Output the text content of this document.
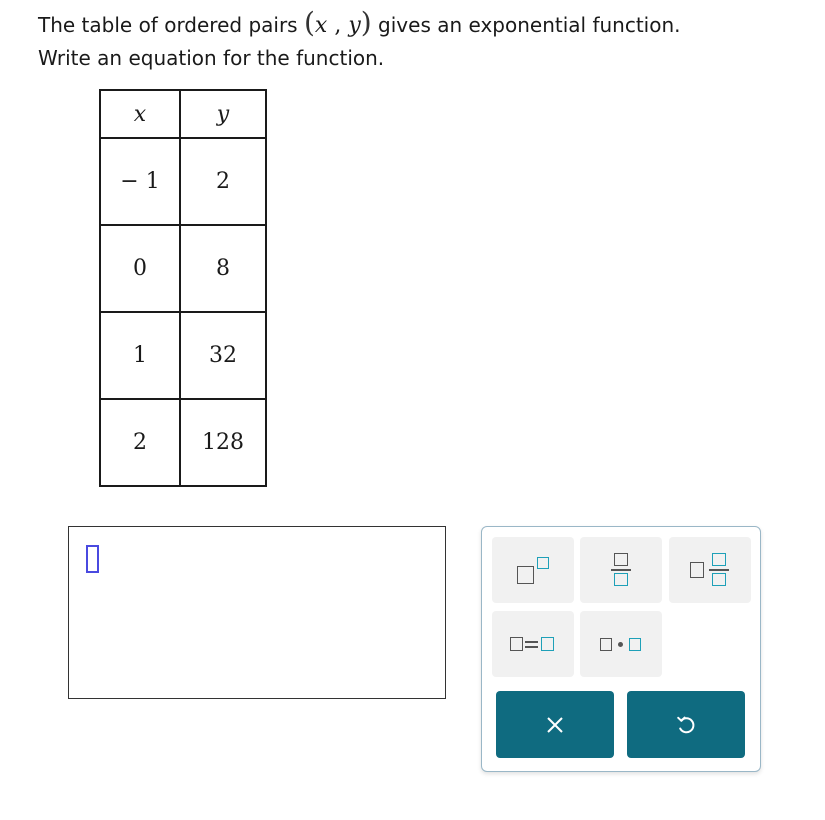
The table of ordered pairs (x , y) gives an exponential function.
Write an equation for the function.
x	y
− 1	2
0	8
1	32
2	128
